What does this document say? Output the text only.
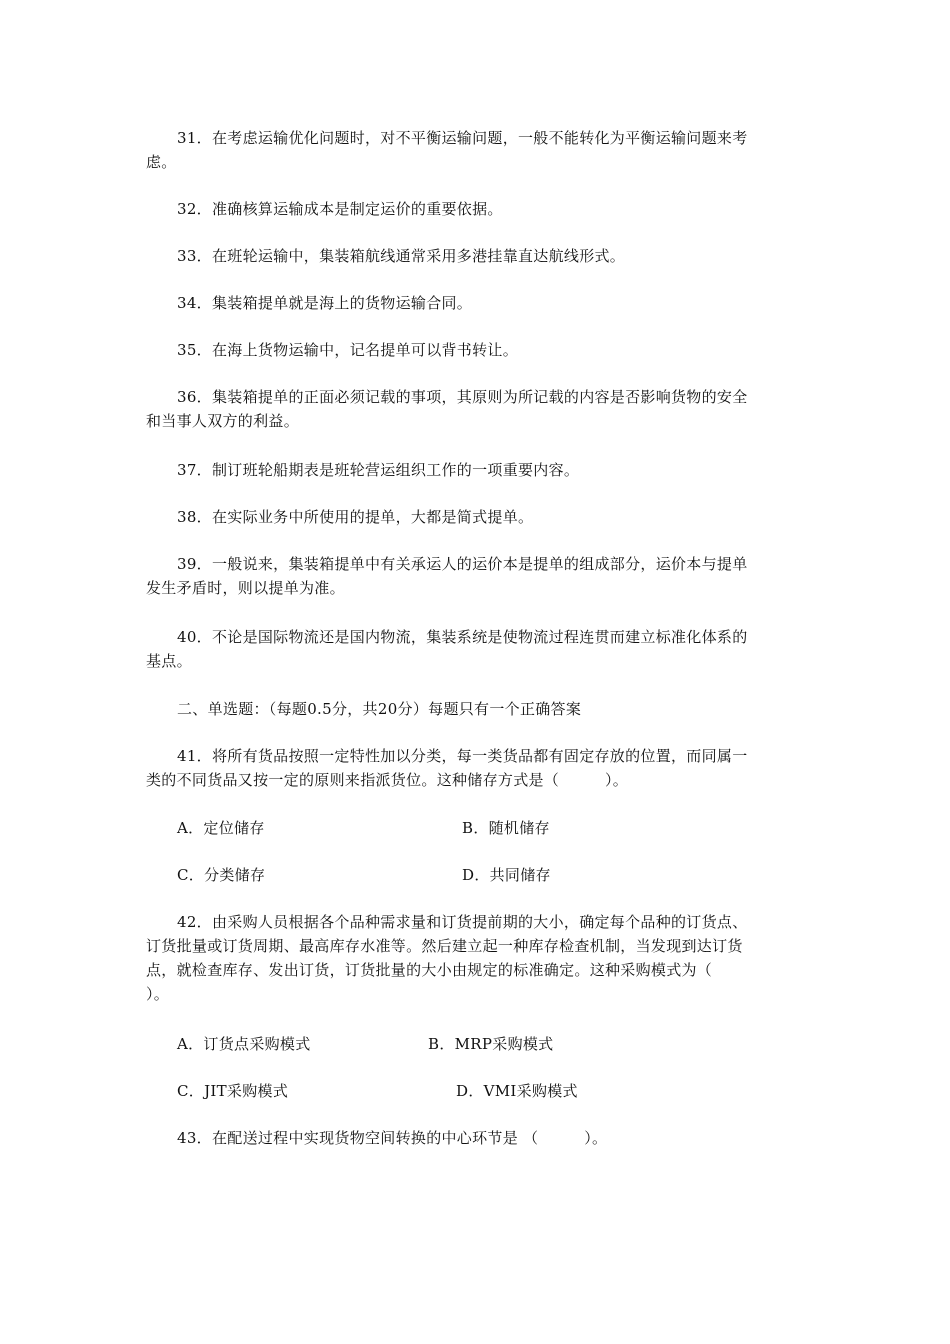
31．在考虑运输优化问题时，对不平衡运输问题，一般不能转化为平衡运输问题来考
虑。
32．准确核算运输成本是制定运价的重要依据。
33．在班轮运输中，集装箱航线通常采用多港挂靠直达航线形式。
34．集装箱提单就是海上的货物运输合同。
35．在海上货物运输中，记名提单可以背书转让。
36．集装箱提单的正面必须记载的事项，其原则为所记载的内容是否影响货物的安全
和当事人双方的利益。
37．制订班轮船期表是班轮营运组织工作的一项重要内容。
38．在实际业务中所使用的提单，大都是简式提单。
39．一般说来，集装箱提单中有关承运人的运价本是提单的组成部分，运价本与提单
发生矛盾时，则以提单为准。
40．不论是国际物流还是国内物流，集装系统是使物流过程连贯而建立标准化体系的
基点。
二、单选题：（每题0.5分，共20分）每题只有一个正确答案
41．将所有货品按照一定特性加以分类，每一类货品都有固定存放的位置，而同属一
类的不同货品又按一定的原则来指派货位。这种储存方式是（　　　）。
A．定位储存	B．随机储存
C．分类储存	D．共同储存
42．由采购人员根据各个品种需求量和订货提前期的大小，确定每个品种的订货点、
订货批量或订货周期、最高库存水准等。然后建立起一种库存检查机制，当发现到达订货
点，就检查库存、发出订货，订货批量的大小由规定的标准确定。这种采购模式为（
）。
A．订货点采购模式	B．MRP采购模式
C．JIT采购模式	D．VMI采购模式
43．在配送过程中实现货物空间转换的中心环节是 （　　　）。
